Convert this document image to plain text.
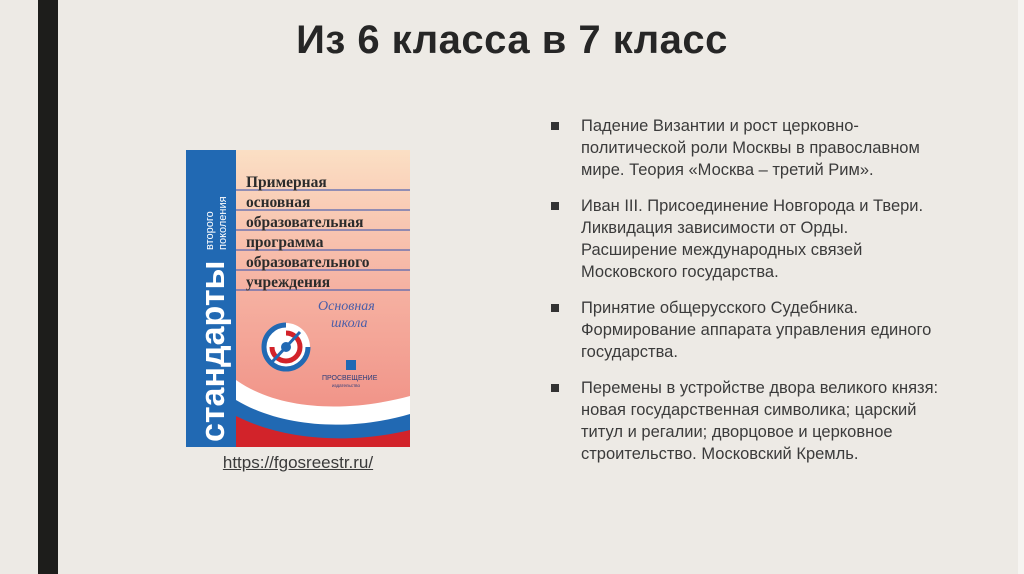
Из 6 класса в 7 класс
стандарты
второго поколения
Примерная
основная
образовательная
программа
образовательного
учреждения
Основная
школа
ПРОСВЕЩЕНИЕ
издательство
https://fgosreestr.ru/
Падение Византии и рост церковно-политической роли Москвы в православном мире. Теория «Москва – третий Рим».
Иван III. Присоединение Новгорода и Твери. Ликвидация зависимости от Орды. Расширение международных связей Московского государства.
Принятие общерусского Судебника. Формирование аппарата управления единого государства.
Перемены в устройстве двора великого князя: новая государственная символика; царский титул и регалии; дворцовое и церковное строительство. Московский Кремль.
